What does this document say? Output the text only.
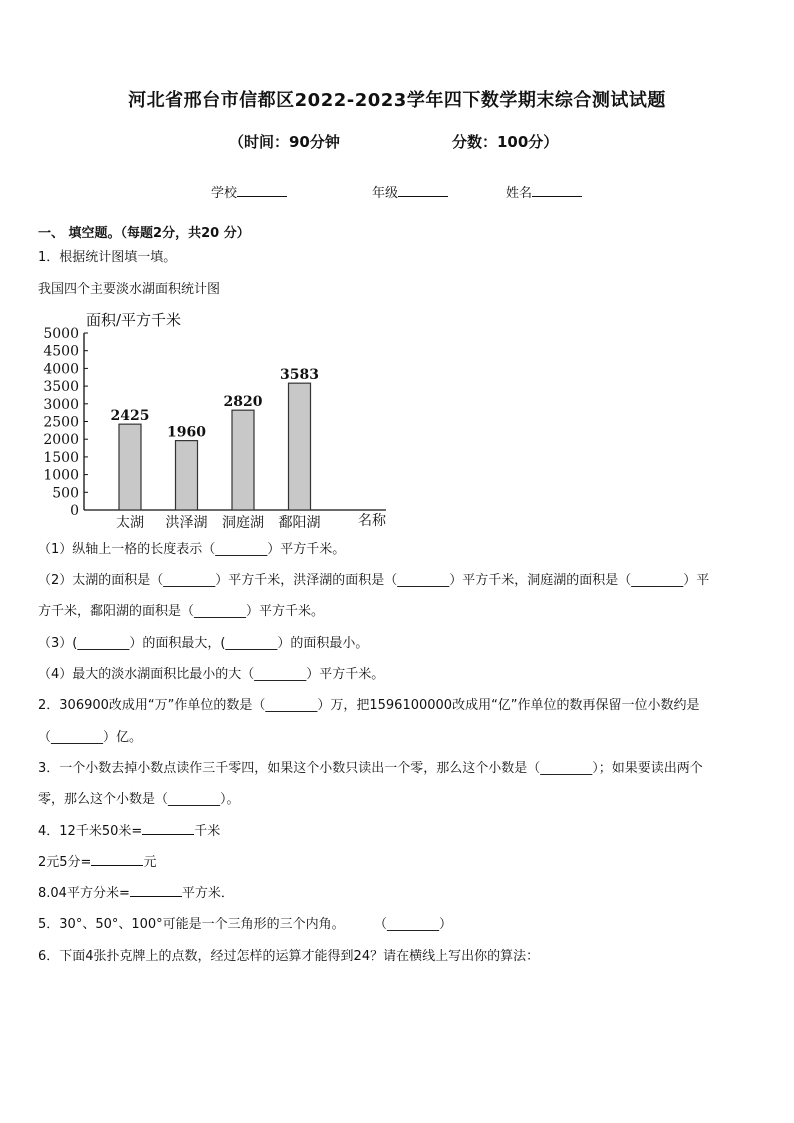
河北省邢台市信都区2022-2023学年四下数学期末综合测试试题
（时间：90分钟	分数：100分）
学校	年级	姓名
一、 填空题。（每题2分，共20 分）
1．根据统计图填一填。
我国四个主要淡水湖面积统计图
0
500
1000
1500
2000
2500
3000
3500
4000
4500
5000
面积/平方千米
2425
1960
2820
3583
太湖 洪泽湖 洞庭湖 鄱阳湖	名称
（1）纵轴上一格的长度表示（________）平方千米。
（2）太湖的面积是（________）平方千米，洪泽湖的面积是（________）平方千米，洞庭湖的面积是（________）平
方千米，鄱阳湖的面积是（________）平方千米。
（3）(________）的面积最大，(________）的面积最小。
（4）最大的淡水湖面积比最小的大（________）平方千米。
2．306900改成用“万”作单位的数是（________）万，把1596100000改成用“亿”作单位的数再保留一位小数约是
（________）亿。
3．一个小数去掉小数点读作三千零四，如果这个小数只读出一个零，那么这个小数是（________）；如果要读出两个
零，那么这个小数是（________）。
4．12千米50米=	千米
2元5分=	元
8.04平方分米=	平方米．
5．30°、50°、100°可能是一个三角形的三个内角。 （________）
6．下面4张扑克牌上的点数，经过怎样的运算才能得到24？请在横线上写出你的算法：
